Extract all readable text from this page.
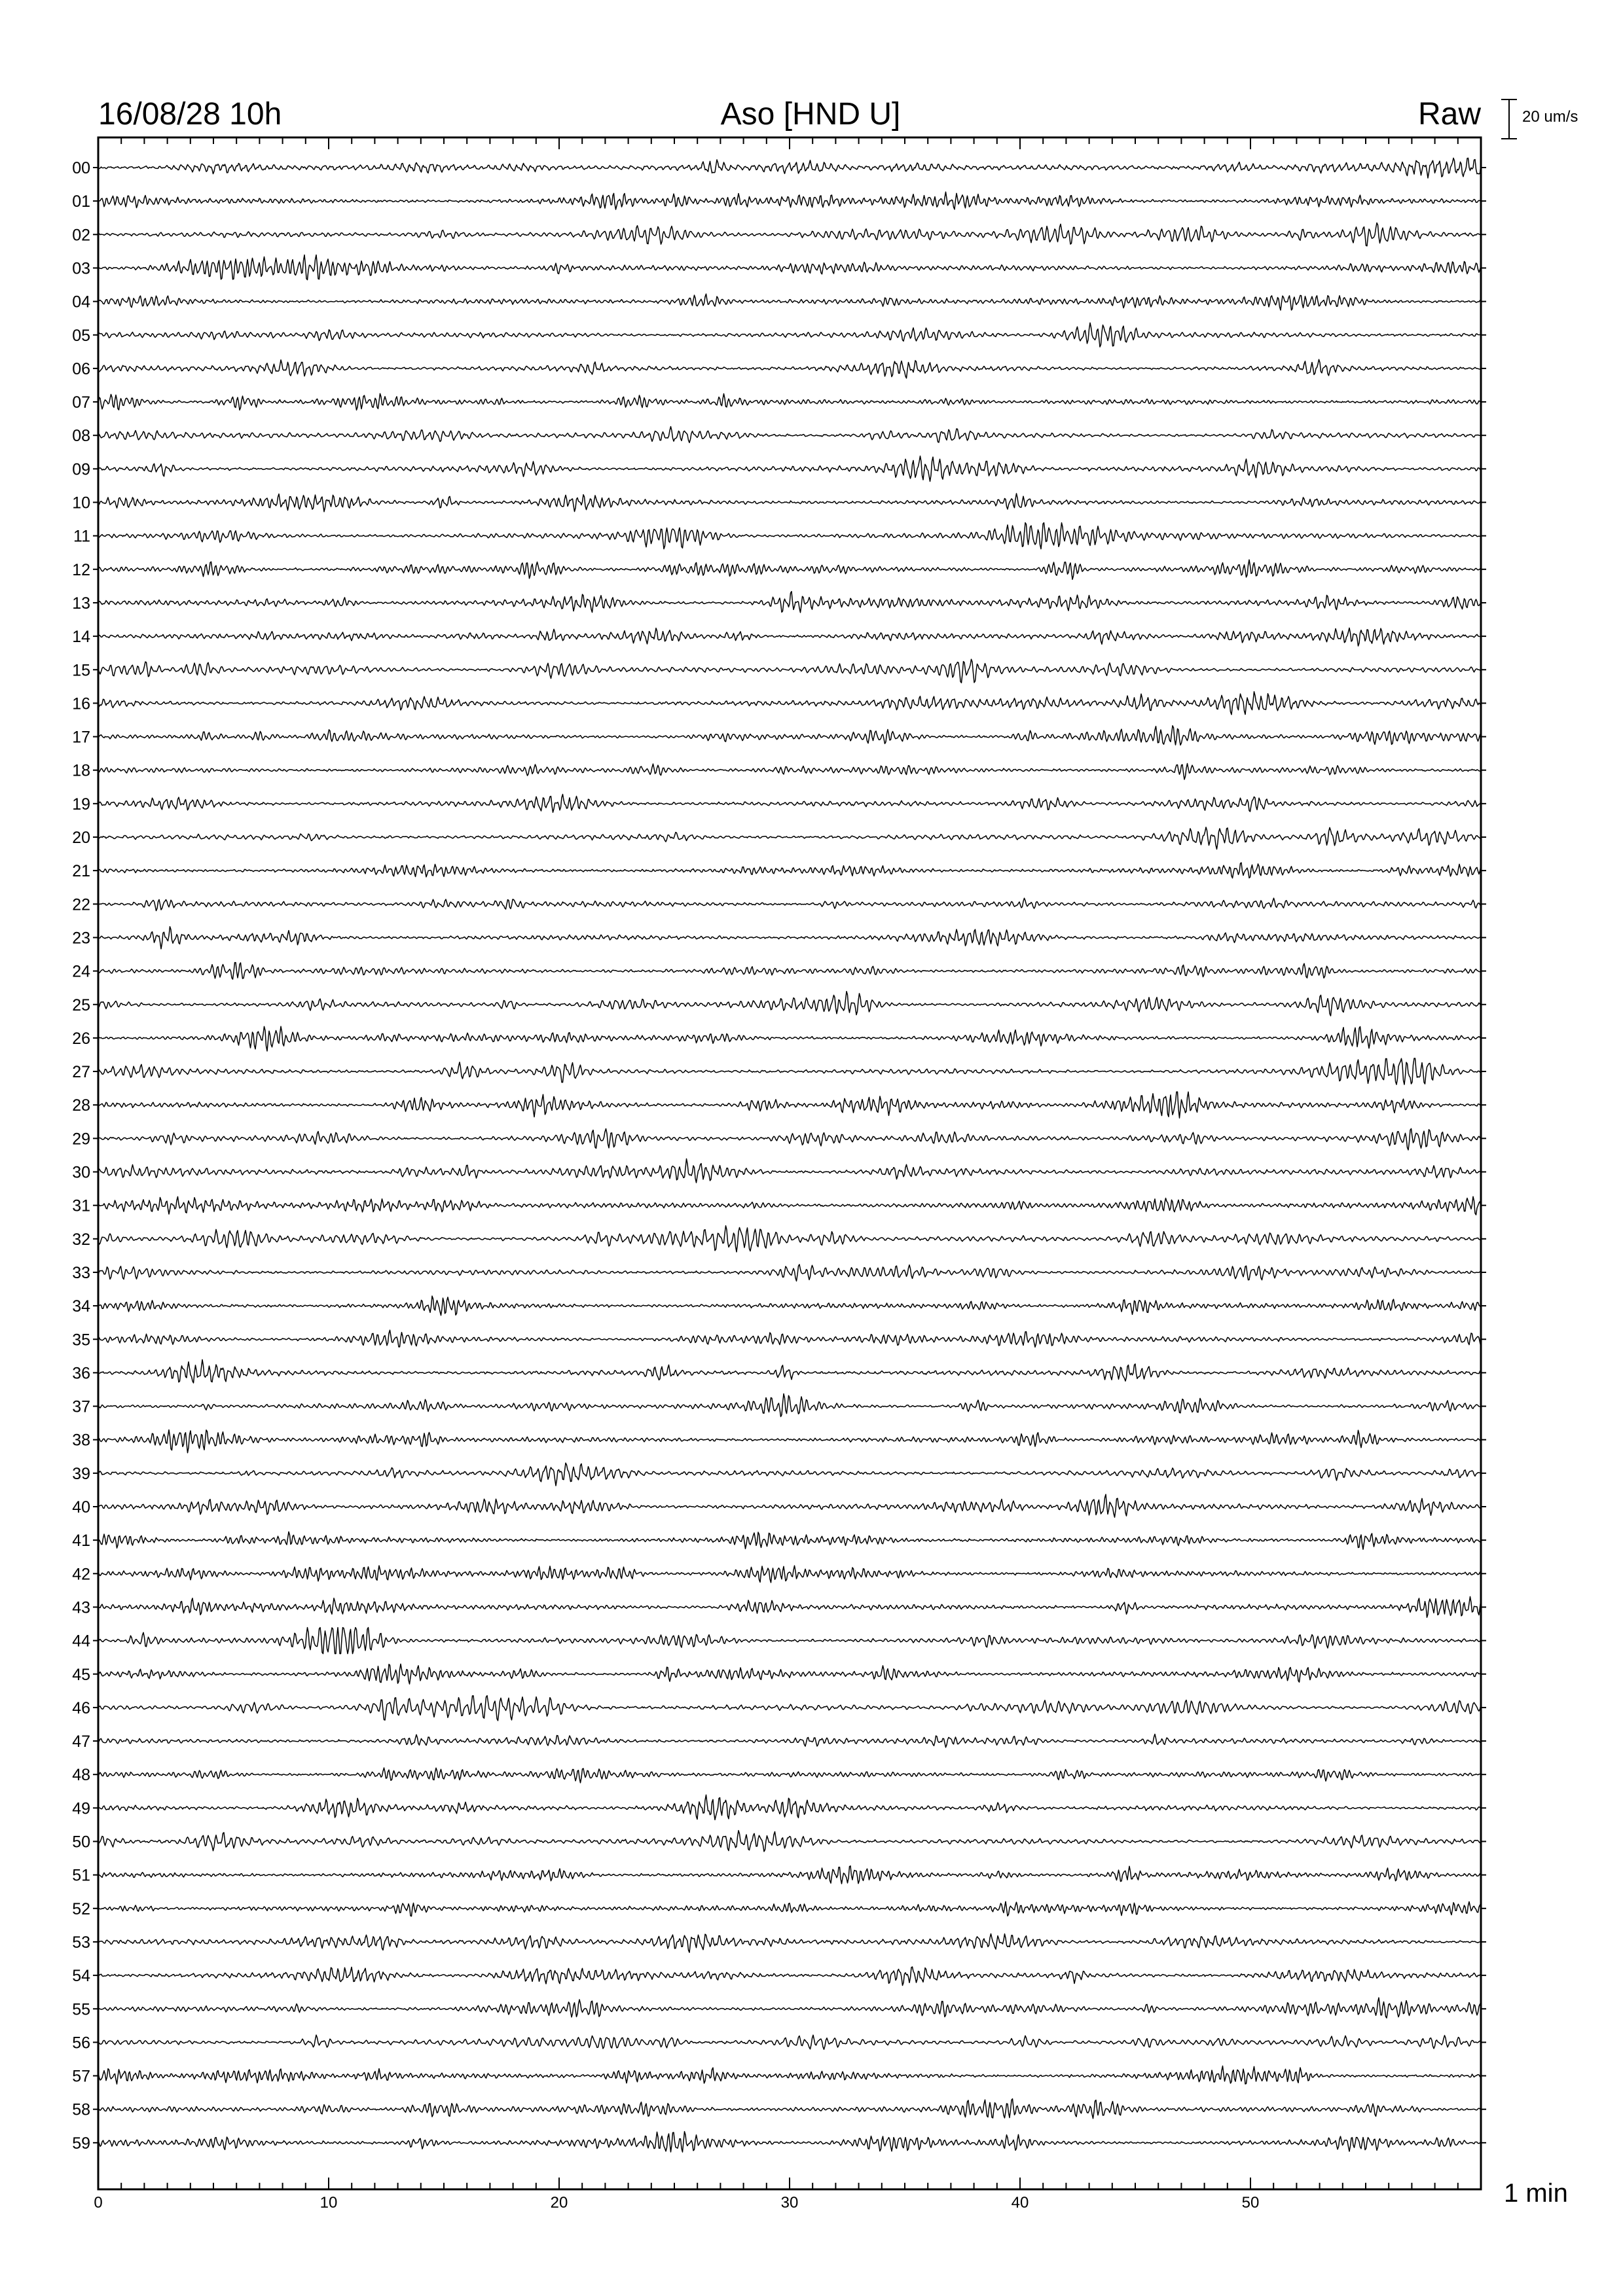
16/08/28 10h	Aso [HND U]	Raw	20 um/s
00
01
02
03
04
05
06
07
08
09
10
11
12
13
14
15
16
17
18
19
20
21
22
23
24
25
26
27
28
29
30
31
32
33
34
35
36
37
38
39
40
41
42
43
44
45
46
47
48
49
50
51
52
53
54
55
56
57
58
59
0	10	20	30	40	50	1 min
